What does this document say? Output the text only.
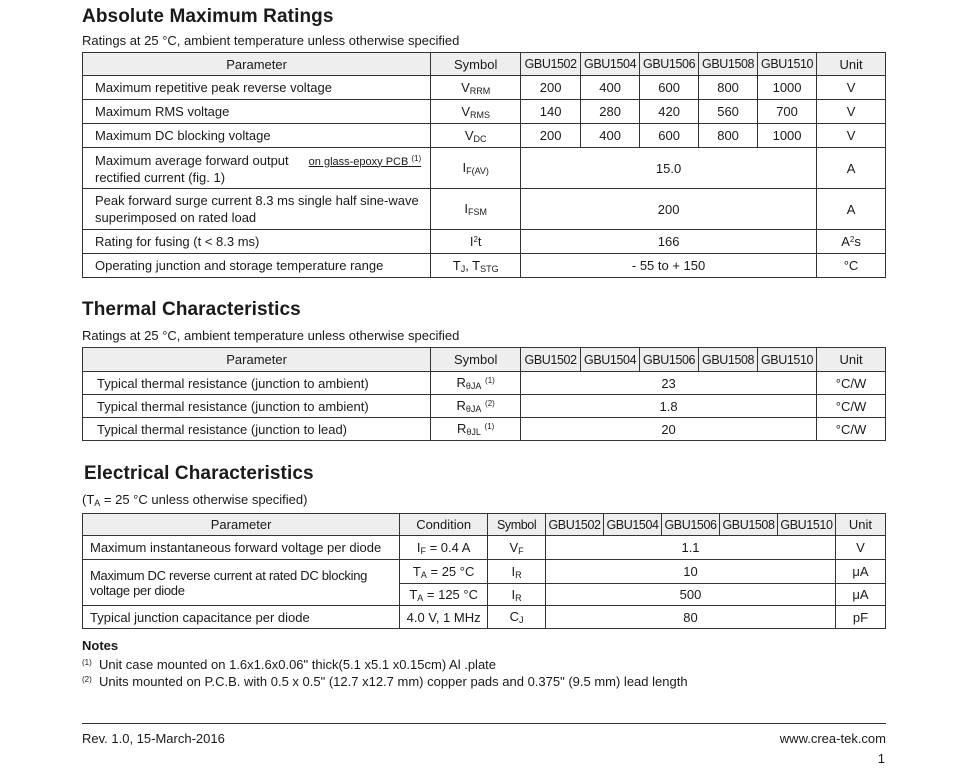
Absolute Maximum Ratings

Ratings at 25 °C, ambient temperature unless otherwise specified

Parameter	Symbol	GBU1502	GBU1504	GBU1506	GBU1508	GBU1510	Unit
Maximum repetitive peak reverse voltage	$V_{RRM}$	200	400	600	800	1000	V
Maximum RMS voltage	$V_{RMS}$	140	280	420	560	700	V
Maximum DC blocking voltage	$V_{DC}$	200	400	600	800	1000	V
Maximum average forward output on glass-epoxy PCB $^{(1)}$
rectified current (fig. 1)	$I_{F(AV)}$	15.0					A
Peak forward surge current 8.3 ms single half sine-wave
superimposed on rated load	$I_{FSM}$	200					A
Rating for fusing (t < 8.3 ms)	$I^2t$	166					$A^2s$
Operating junction and storage temperature range	$T_J$, $T_{STG}$	- 55 to + 150					°C
Thermal Characteristics

Ratings at 25 °C, ambient temperature unless otherwise specified

Parameter	Symbol	GBU1502	GBU1504	GBU1506	GBU1508	GBU1510	Unit
Typical thermal resistance (junction to ambient)	$R_{\theta JA}$ $^{(1)}$	23					°C/W
Typical thermal resistance (junction to ambient)	$R_{\theta JA}$ $^{(2)}$	1.8					°C/W
Typical thermal resistance (junction to lead)	$R_{\theta JL}$ $^{(1)}$	20					°C/W
Electrical Characteristics

($T_A = 25$ °C unless otherwise specified)

Parameter	Condition	Symbol	GBU1502	GBU1504	GBU1506	GBU1508	GBU1510	Unit
Maximum instantaneous forward voltage per diode	$I_F = 0.4$ A	$V_F$	1.1					V
Maximum DC reverse current at rated DC blocking
voltage per diode	$T_A = 25$ °C	$I_R$	10					μA
	$T_A = 125$ °C	$I_R$	500					μA
Typical junction capacitance per diode	4.0 V, 1 MHz	$C_J$	80					pF
Notes
$^{(1)}$ Unit case mounted on 1.6x1.6x0.06" thick(5.1 x5.1 x0.15cm) Al .plate
$^{(2)}$ Units mounted on P.C.B. with 0.5 x 0.5" (12.7 x12.7 mm) copper pads and 0.375" (9.5 mm) lead length
Rev. 1.0, 15-March-2016	www.crea-tek.com
1
